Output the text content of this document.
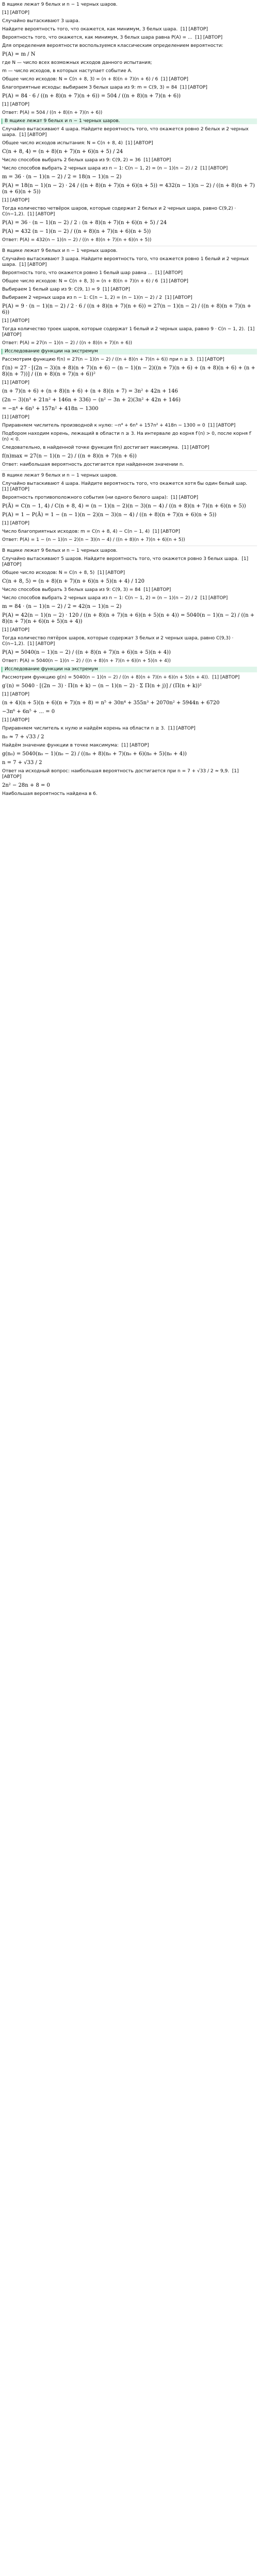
В ящике лежат 9 белых и n − 1 черных шаров.
[1] [АВТОР]
Случайно вытаскивают 3 шара.
Найдите вероятность того, что окажется, как минимум, 3 белых шара.  [1] [АВТОР]
Вероятность того, что окажется, как минимум, 3 белых шара равна P(A) = ...  [1] [АВТОР]
Для определения вероятности воспользуемся классическим определением вероятности:
P(A) = m / N
где N — число всех возможных исходов данного испытания;
m — число исходов, в которых наступает событие A.
Общее число исходов: N = C(n + 8, 3) = (n + 8)(n + 7)(n + 6) / 6  [1] [АВТОР]
Благоприятные исходы: выбираем 3 белых шара из 9: m = C(9, 3) = 84  [1] [АВТОР]
P(A) = 84 · 6 / ((n + 8)(n + 7)(n + 6)) = 504 / ((n + 8)(n + 7)(n + 6))
[1] [АВТОР]
Ответ: P(A) = 504 / ((n + 8)(n + 7)(n + 6))
В ящике лежат 9 белых и n − 1 черных шаров.
Случайно вытаскивают 4 шара. Найдите вероятность того, что окажется ровно 2 белых и 2 черных шара.  [1] [АВТОР]
Общее число исходов испытания: N = C(n + 8, 4)  [1] [АВТОР]
C(n + 8, 4) = (n + 8)(n + 7)(n + 6)(n + 5) / 24
Число способов выбрать 2 белых шара из 9: C(9, 2) = 36  [1] [АВТОР]
Число способов выбрать 2 черных шара из n − 1: C(n − 1, 2) = (n − 1)(n − 2) / 2  [1] [АВТОР]
m = 36 · (n − 1)(n − 2) / 2 = 18(n − 1)(n − 2)
P(A) = 18(n − 1)(n − 2) · 24 / ((n + 8)(n + 7)(n + 6)(n + 5)) = 432(n − 1)(n − 2) / ((n + 8)(n + 7)(n + 6)(n + 5))
[1] [АВТОР]
Тогда количество четвёрок шаров, которые содержат 2 белых и 2 черных шара, равно C(9,2) · C(n−1,2).  [1] [АВТОР]
P(A) = 36 · (n − 1)(n − 2) / 2 : (n + 8)(n + 7)(n + 6)(n + 5) / 24
P(A) = 432 (n − 1)(n − 2) / ((n + 8)(n + 7)(n + 6)(n + 5))
Ответ: P(A) = 432(n − 1)(n − 2) / ((n + 8)(n + 7)(n + 6)(n + 5))
В ящике лежат 9 белых и n − 1 черных шаров.
Случайно вытаскивают 3 шара. Найдите вероятность того, что окажется ровно 1 белый и 2 черных шара.  [1] [АВТОР]
Вероятность того, что окажется ровно 1 белый шар равна ...  [1] [АВТОР]
Общее число исходов: N = C(n + 8, 3) = (n + 8)(n + 7)(n + 6) / 6  [1] [АВТОР]
Выбираем 1 белый шар из 9: C(9, 1) = 9  [1] [АВТОР]
Выбираем 2 черных шара из n − 1: C(n − 1, 2) = (n − 1)(n − 2) / 2  [1] [АВТОР]
P(A) = 9 · (n − 1)(n − 2) / 2 · 6 / ((n + 8)(n + 7)(n + 6)) = 27(n − 1)(n − 2) / ((n + 8)(n + 7)(n + 6))
[1] [АВТОР]
Тогда количество троек шаров, которые содержат 1 белый и 2 черных шара, равно 9 · C(n − 1, 2).  [1] [АВТОР]
Ответ: P(A) = 27(n − 1)(n − 2) / ((n + 8)(n + 7)(n + 6))
Исследование функции на экстремум
Рассмотрим функцию f(n) = 27(n − 1)(n − 2) / ((n + 8)(n + 7)(n + 6)) при n ≥ 3.  [1] [АВТОР]
f′(n) = 27 · [(2n − 3)(n + 8)(n + 7)(n + 6) − (n − 1)(n − 2)((n + 7)(n + 6) + (n + 8)(n + 6) + (n + 8)(n + 7))] / ((n + 8)(n + 7)(n + 6))²
[1] [АВТОР]
(n + 7)(n + 6) + (n + 8)(n + 6) + (n + 8)(n + 7) = 3n² + 42n + 146
(2n − 3)(n³ + 21n² + 146n + 336) − (n² − 3n + 2)(3n² + 42n + 146)
= −n⁴ + 6n³ + 157n² + 418n − 1300
[1] [АВТОР]
Приравняем числитель производной к нулю: −n⁴ + 6n³ + 157n² + 418n − 1300 = 0  [1] [АВТОР]
Подбором находим корень, лежащий в области n ≥ 3. На интервале до корня f′(n) > 0, после корня f′(n) < 0.
Следовательно, в найденной точке функция f(n) достигает максимума.  [1] [АВТОР]
f(n)max = 27(n − 1)(n − 2) / ((n + 8)(n + 7)(n + 6))
Ответ: наибольшая вероятность достигается при найденном значении n.
В ящике лежат 9 белых и n − 1 черных шаров.
Случайно вытаскивают 4 шара. Найдите вероятность того, что окажется хотя бы один белый шар.  [1] [АВТОР]
Вероятность противоположного события (ни одного белого шара):  [1] [АВТОР]
P(Ā) = C(n − 1, 4) / C(n + 8, 4) = (n − 1)(n − 2)(n − 3)(n − 4) / ((n + 8)(n + 7)(n + 6)(n + 5))
P(A) = 1 − P(Ā) = 1 − (n − 1)(n − 2)(n − 3)(n − 4) / ((n + 8)(n + 7)(n + 6)(n + 5))
[1] [АВТОР]
Число благоприятных исходов: m = C(n + 8, 4) − C(n − 1, 4)  [1] [АВТОР]
Ответ: P(A) = 1 − (n − 1)(n − 2)(n − 3)(n − 4) / ((n + 8)(n + 7)(n + 6)(n + 5))
В ящике лежат 9 белых и n − 1 черных шаров.
Случайно вытаскивают 5 шаров. Найдите вероятность того, что окажется ровно 3 белых шара.  [1] [АВТОР]
Общее число исходов: N = C(n + 8, 5)  [1] [АВТОР]
C(n + 8, 5) = (n + 8)(n + 7)(n + 6)(n + 5)(n + 4) / 120
Число способов выбрать 3 белых шара из 9: C(9, 3) = 84  [1] [АВТОР]
Число способов выбрать 2 черных шара из n − 1: C(n − 1, 2) = (n − 1)(n − 2) / 2  [1] [АВТОР]
m = 84 · (n − 1)(n − 2) / 2 = 42(n − 1)(n − 2)
P(A) = 42(n − 1)(n − 2) · 120 / ((n + 8)(n + 7)(n + 6)(n + 5)(n + 4)) = 5040(n − 1)(n − 2) / ((n + 8)(n + 7)(n + 6)(n + 5)(n + 4))
[1] [АВТОР]
Тогда количество пятёрок шаров, которые содержат 3 белых и 2 черных шара, равно C(9,3) · C(n−1,2).  [1] [АВТОР]
P(A) = 5040(n − 1)(n − 2) / ((n + 8)(n + 7)(n + 6)(n + 5)(n + 4))
Ответ: P(A) = 5040(n − 1)(n − 2) / ((n + 8)(n + 7)(n + 6)(n + 5)(n + 4))
Исследование функции на экстремум
Рассмотрим функцию g(n) = 5040(n − 1)(n − 2) / ((n + 8)(n + 7)(n + 6)(n + 5)(n + 4)).  [1] [АВТОР]
g′(n) = 5040 · [(2n − 3) · Π(n + k) − (n − 1)(n − 2) · Σ Π(n + j)] / (Π(n + k))²
[1] [АВТОР]
(n + 4)(n + 5)(n + 6)(n + 7)(n + 8) = n⁵ + 30n⁴ + 355n³ + 2070n² + 5944n + 6720
−3n⁶ + 6n⁵ + ... = 0
[1] [АВТОР]
Приравняем числитель к нулю и найдём корень на области n ≥ 3.  [1] [АВТОР]
n₀ ≈ 7 + √33 / 2
Найдём значение функции в точке максимума:  [1] [АВТОР]
g(n₀) = 5040(n₀ − 1)(n₀ − 2) / ((n₀ + 8)(n₀ + 7)(n₀ + 6)(n₀ + 5)(n₀ + 4))
n = 7 + √33 / 2
Ответ на исходный вопрос: наибольшая вероятность достигается при n = 7 + √33 / 2 ≈ 9,9.  [1] [АВТОР]
2n² − 28n + 8 = 0
Наибольшая вероятность найдена в 6.
